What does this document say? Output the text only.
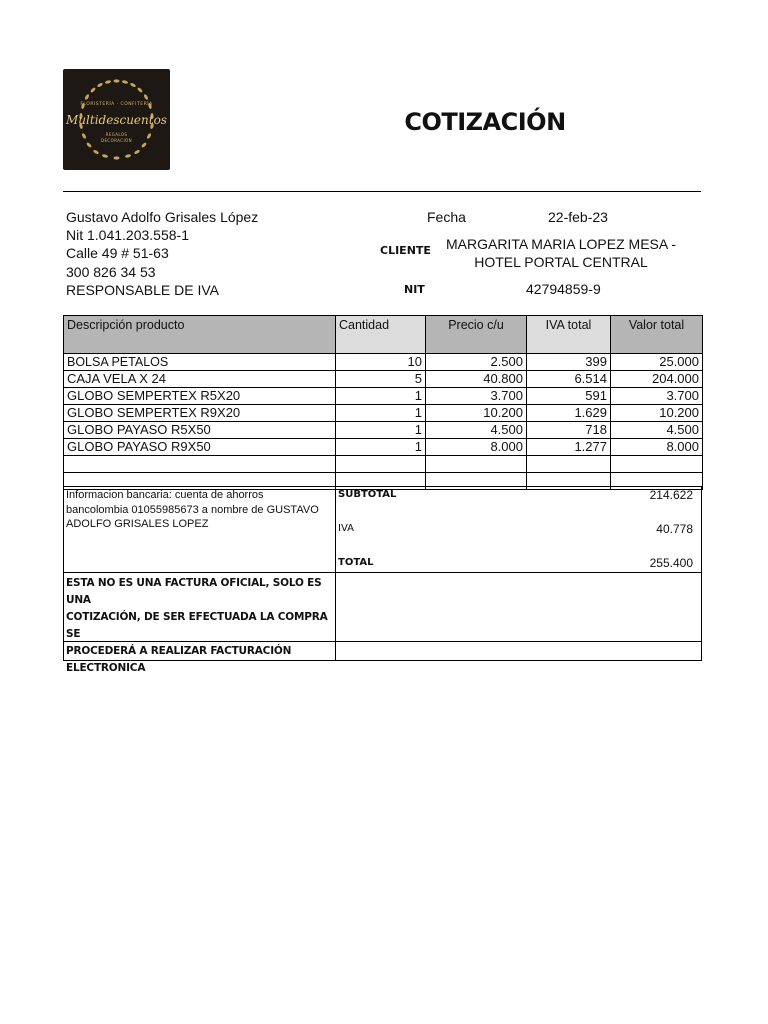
FLORISTERÍA · CONFITERÍA
Multidescuentos
REGALOS
DECORACIÓN
COTIZACIÓN
Gustavo Adolfo Grisales López
Nit 1.041.203.558-1
Calle 49 # 51-63
300 826 34 53
RESPONSABLE DE IVA
Fecha	22-feb-23
CLIENTE	MARGARITA MARIA LOPEZ MESA -
HOTEL PORTAL CENTRAL
NIT	42794859-9
Descripción producto	Cantidad	Precio c/u	IVA total	Valor total
BOLSA PETALOS	10	2.500	399	25.000
CAJA VELA X 24	5	40.800	6.514	204.000
GLOBO SEMPERTEX R5X20	1	3.700	591	3.700
GLOBO SEMPERTEX R9X20	1	10.200	1.629	10.200
GLOBO PAYASO R5X50	1	4.500	718	4.500
GLOBO PAYASO R9X50	1	8.000	1.277	8.000

Informacion bancaria: cuenta de ahorros
bancolombia 01055985673 a nombre de GUSTAVO
ADOLFO GRISALES LOPEZ
SUBTOTAL	214.622
IVA	40.778
TOTAL	255.400
ESTA NO ES UNA FACTURA OFICIAL, SOLO ES UNA
COTIZACIÓN, DE SER EFECTUADA LA COMPRA SE
PROCEDERÁ A REALIZAR FACTURACIÓN
ELECTRONICA
